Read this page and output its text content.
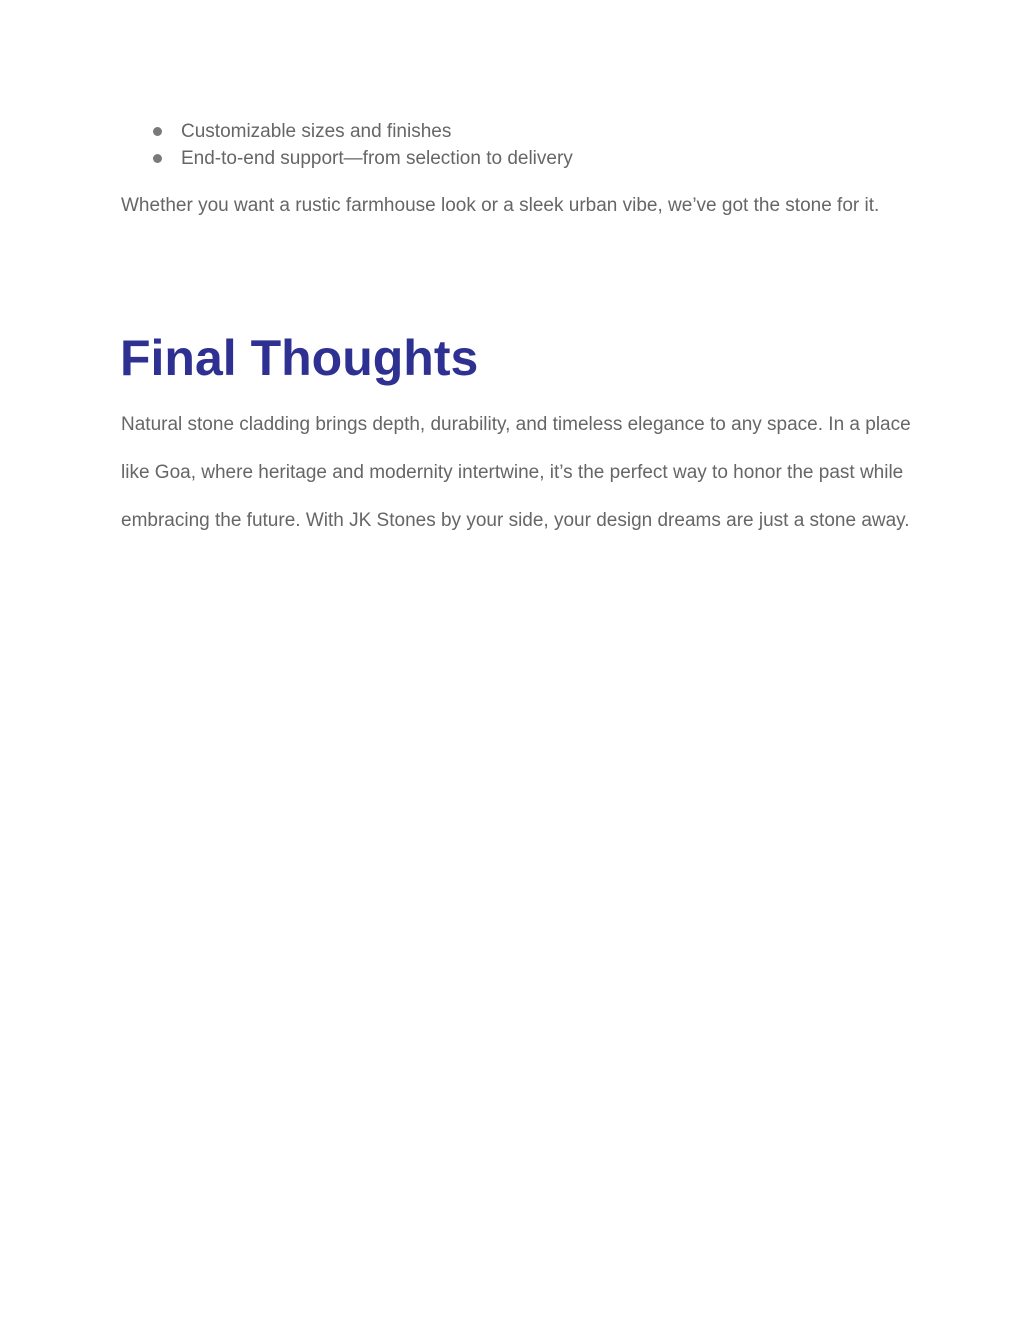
Customizable sizes and finishes
End-to-end support—from selection to delivery

Whether you want a rustic farmhouse look or a sleek urban vibe, we’ve got the stone for it.

Final Thoughts

Natural stone cladding brings depth, durability, and timeless elegance to any space. In a place like Goa, where heritage and modernity intertwine, it’s the perfect way to honor the past while embracing the future. With JK Stones by your side, your design dreams are just a stone away.
